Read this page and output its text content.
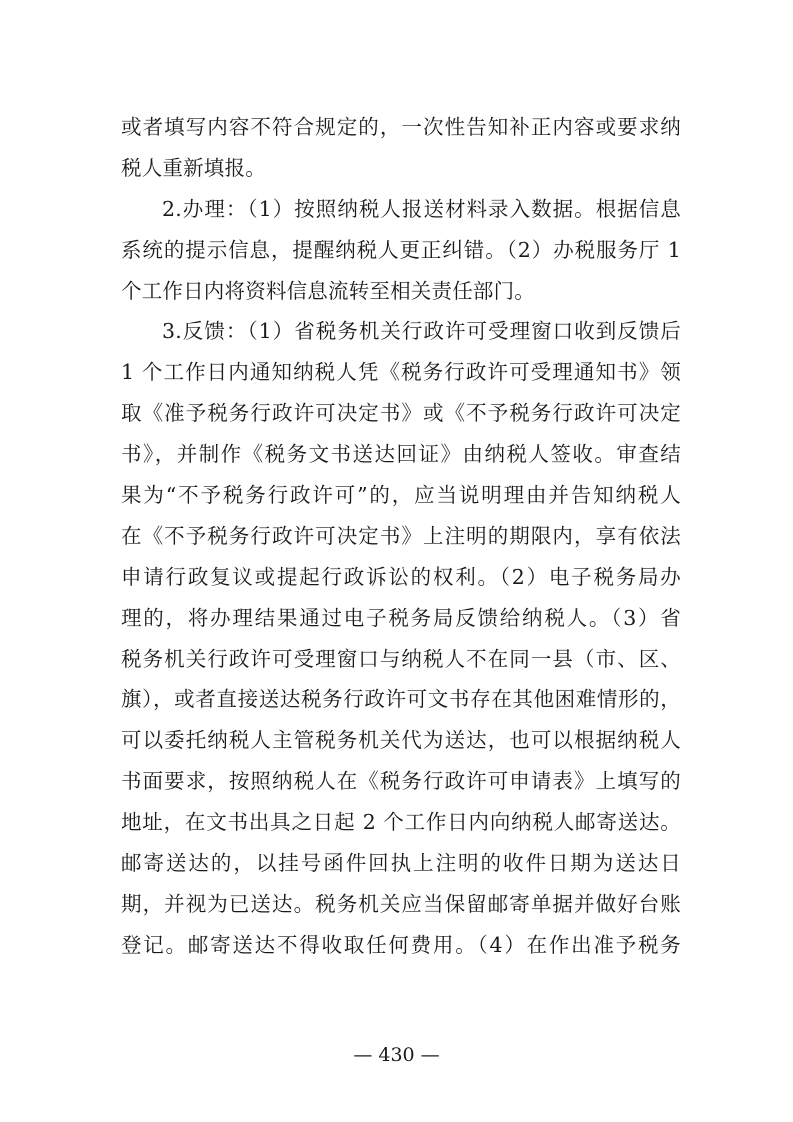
或者填写内容不符合规定的，一次性告知补正内容或要求纳
税人重新填报。
2.办理：（1）按照纳税人报送材料录入数据。根据信息
系统的提示信息，提醒纳税人更正纠错。（2）办税服务厅 1
个工作日内将资料信息流转至相关责任部门。
3.反馈：（1）省税务机关行政许可受理窗口收到反馈后
1 个工作日内通知纳税人凭《税务行政许可受理通知书》领
取《准予税务行政许可决定书》或《不予税务行政许可决定
书》，并制作《税务文书送达回证》由纳税人签收。审查结
果为“不予税务行政许可”的，应当说明理由并告知纳税人
在《不予税务行政许可决定书》上注明的期限内，享有依法
申请行政复议或提起行政诉讼的权利。（2）电子税务局办
理的，将办理结果通过电子税务局反馈给纳税人。（3）省
税务机关行政许可受理窗口与纳税人不在同一县（市、区、
旗），或者直接送达税务行政许可文书存在其他困难情形的，
可以委托纳税人主管税务机关代为送达，也可以根据纳税人
书面要求，按照纳税人在《税务行政许可申请表》上填写的
地址，在文书出具之日起 2 个工作日内向纳税人邮寄送达。
邮寄送达的，以挂号函件回执上注明的收件日期为送达日
期，并视为已送达。税务机关应当保留邮寄单据并做好台账
登记。邮寄送达不得收取任何费用。（4）在作出准予税务
— 430 —
